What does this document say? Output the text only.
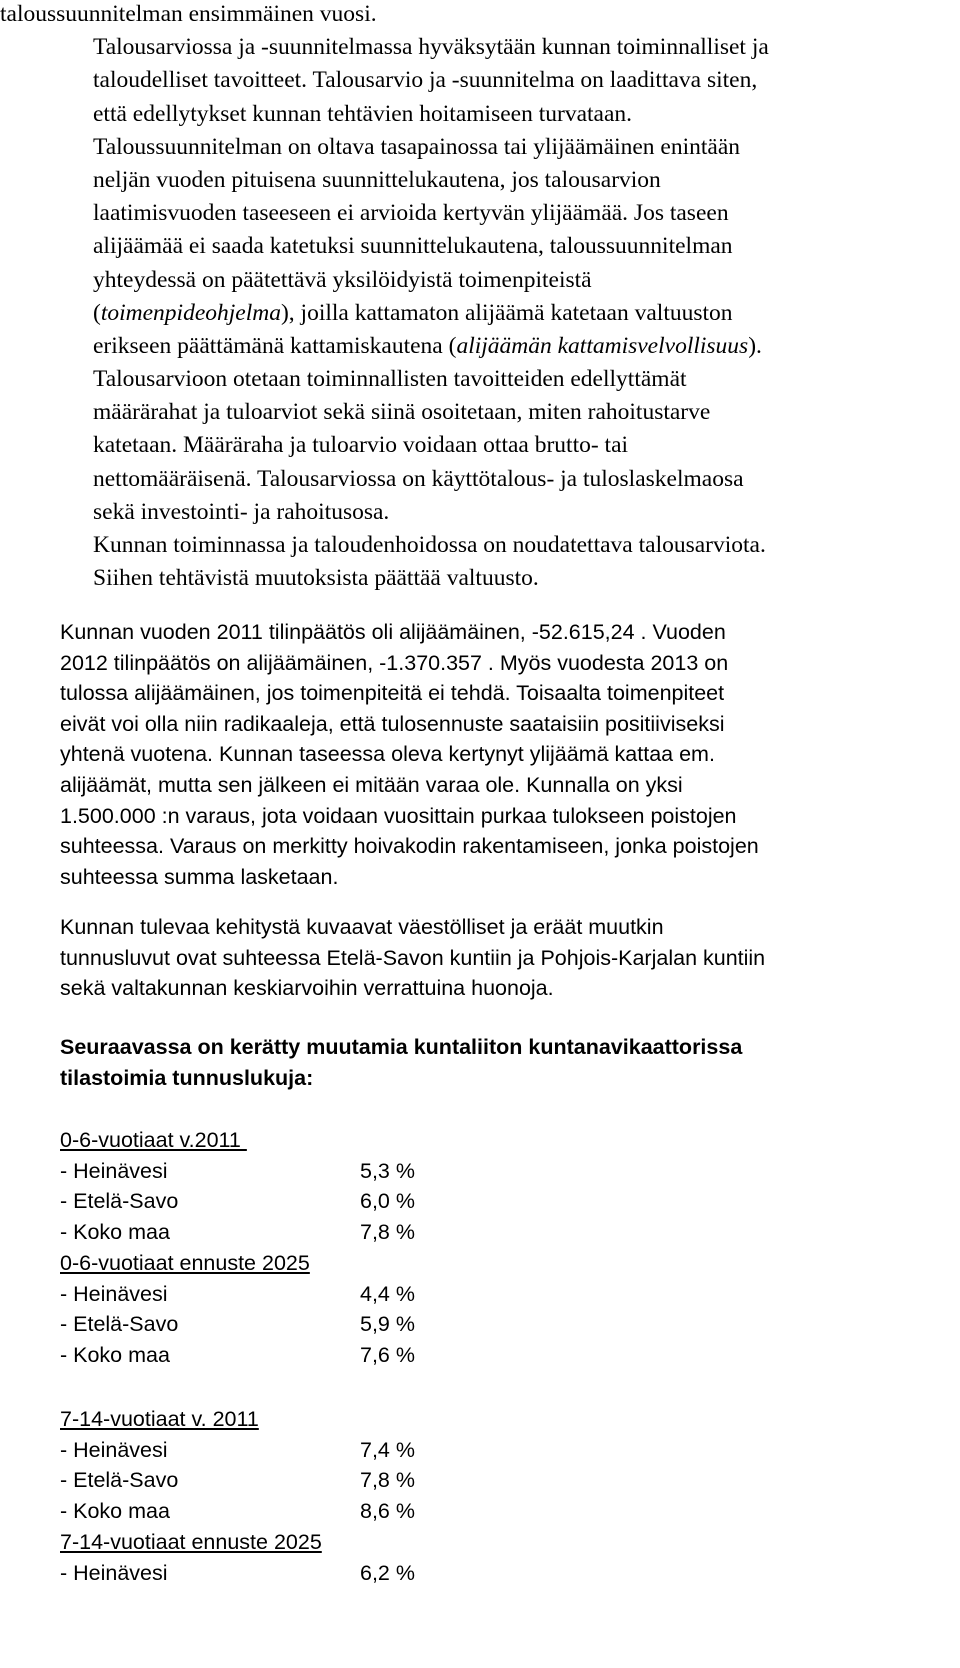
taloussuunnitelman ensimmäinen vuosi.
Talousarviossa ja -suunnitelmassa hyväksytään kunnan toiminnalliset ja
taloudelliset tavoitteet. Talousarvio ja -suunnitelma on laadittava siten,
että edellytykset kunnan tehtävien hoitamiseen turvataan.
Taloussuunnitelman on oltava tasapainossa tai ylijäämäinen enintään
neljän vuoden pituisena suunnittelukautena, jos talousarvion
laatimisvuoden taseeseen ei arvioida kertyvän ylijäämää. Jos taseen
alijäämää ei saada katetuksi suunnittelukautena, taloussuunnitelman
yhteydessä on päätettävä yksilöidyistä toimenpiteistä
(toimenpideohjelma), joilla kattamaton alijäämä katetaan valtuuston
erikseen päättämänä kattamiskautena (alijäämän kattamisvelvollisuus).
Talousarvioon otetaan toiminnallisten tavoitteiden edellyttämät
määrärahat ja tuloarviot sekä siinä osoitetaan, miten rahoitustarve
katetaan. Määräraha ja tuloarvio voidaan ottaa brutto- tai
nettomääräisenä. Talousarviossa on käyttötalous- ja tuloslaskelmaosa
sekä investointi- ja rahoitusosa.
Kunnan toiminnassa ja taloudenhoidossa on noudatettava talousarviota.
Siihen tehtävistä muutoksista päättää valtuusto.
Kunnan vuoden 2011 tilinpäätös oli alijäämäinen, -52.615,24 . Vuoden
2012 tilinpäätös on alijäämäinen, -1.370.357 . Myös vuodesta 2013 on
tulossa alijäämäinen, jos toimenpiteitä ei tehdä. Toisaalta toimenpiteet
eivät voi olla niin radikaaleja, että tulosennuste saataisiin positiiviseksi
yhtenä vuotena. Kunnan taseessa oleva kertynyt ylijäämä kattaa em.
alijäämät, mutta sen jälkeen ei mitään varaa ole. Kunnalla on yksi
1.500.000 :n varaus, jota voidaan vuosittain purkaa tulokseen poistojen
suhteessa. Varaus on merkitty hoivakodin rakentamiseen, jonka poistojen
suhteessa summa lasketaan.
Kunnan tulevaa kehitystä kuvaavat väestölliset ja eräät muutkin
tunnusluvut ovat suhteessa Etelä-Savon kuntiin ja Pohjois-Karjalan kuntiin
sekä valtakunnan keskiarvoihin verrattuina huonoja.
Seuraavassa on kerätty muutamia kuntaliiton kuntanavikaattorissa
tilastoimia tunnuslukuja:
0-6-vuotiaat v.2011
- Heinävesi	5,3 %
- Etelä-Savo	6,0 %
- Koko maa	7,8 %
0-6-vuotiaat ennuste 2025
- Heinävesi	4,4 %
- Etelä-Savo	5,9 %
- Koko maa	7,6 %
7-14-vuotiaat v. 2011
- Heinävesi	7,4 %
- Etelä-Savo	7,8 %
- Koko maa	8,6 %
7-14-vuotiaat ennuste 2025
- Heinävesi	6,2 %
